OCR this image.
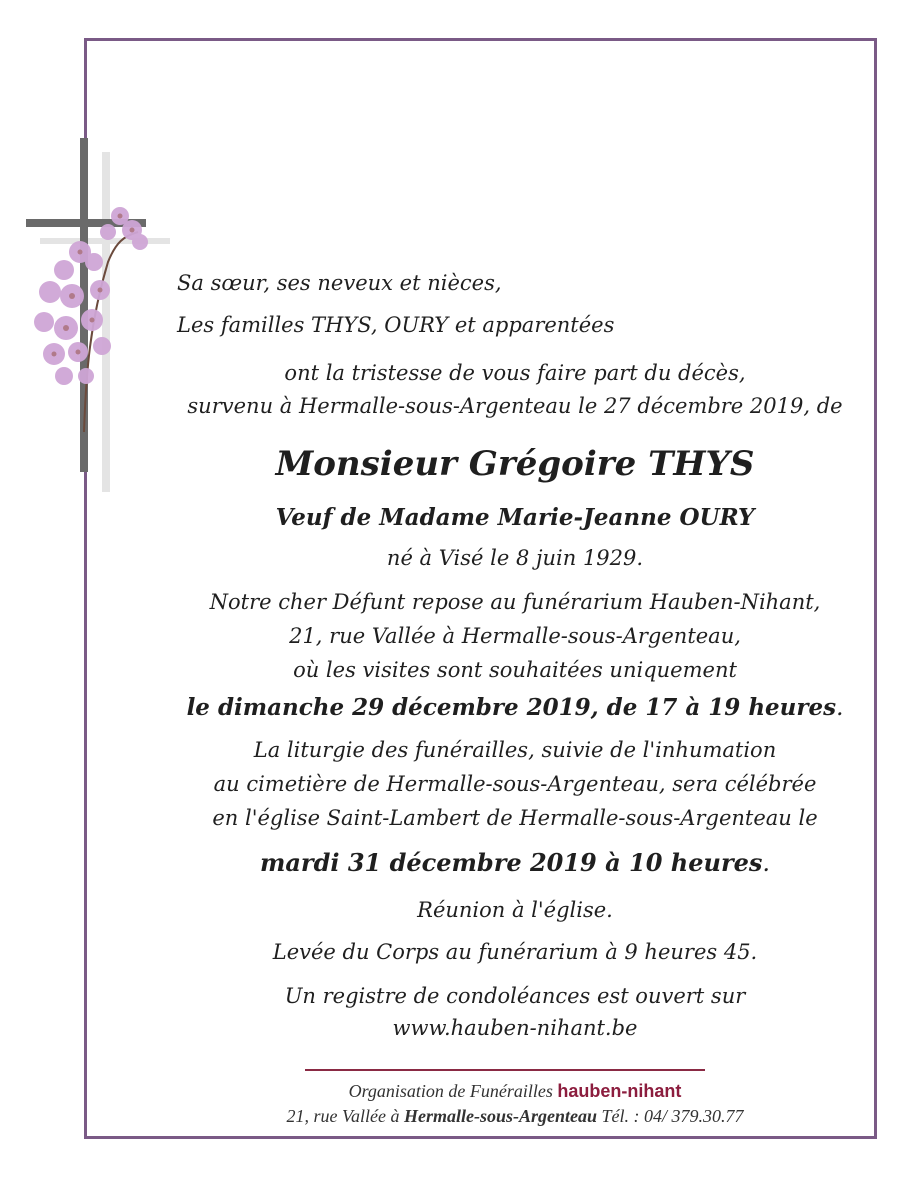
Sa sœur, ses neveux et nièces,
Les familles THYS, OURY et apparentées
ont la tristesse de vous faire part du décès,
survenu à Hermalle-sous-Argenteau le 27 décembre 2019, de
Monsieur Grégoire THYS
Veuf de Madame Marie-Jeanne OURY
né à Visé le 8 juin 1929.
Notre cher Défunt repose au funérarium Hauben-Nihant,
21, rue Vallée à Hermalle-sous-Argenteau,
où les visites sont souhaitées uniquement
le dimanche 29 décembre 2019, de 17 à 19 heures.
La liturgie des funérailles, suivie de l'inhumation
au cimetière de Hermalle-sous-Argenteau, sera célébrée
en l'église Saint-Lambert de Hermalle-sous-Argenteau le
mardi 31 décembre 2019 à 10 heures.
Réunion à l'église.
Levée du Corps au funérarium à 9 heures 45.
Un registre de condoléances est ouvert sur
www.hauben-nihant.be
Organisation de Funérailles hauben-nihant
21, rue Vallée à Hermalle-sous-Argenteau Tél. : 04/ 379.30.77
